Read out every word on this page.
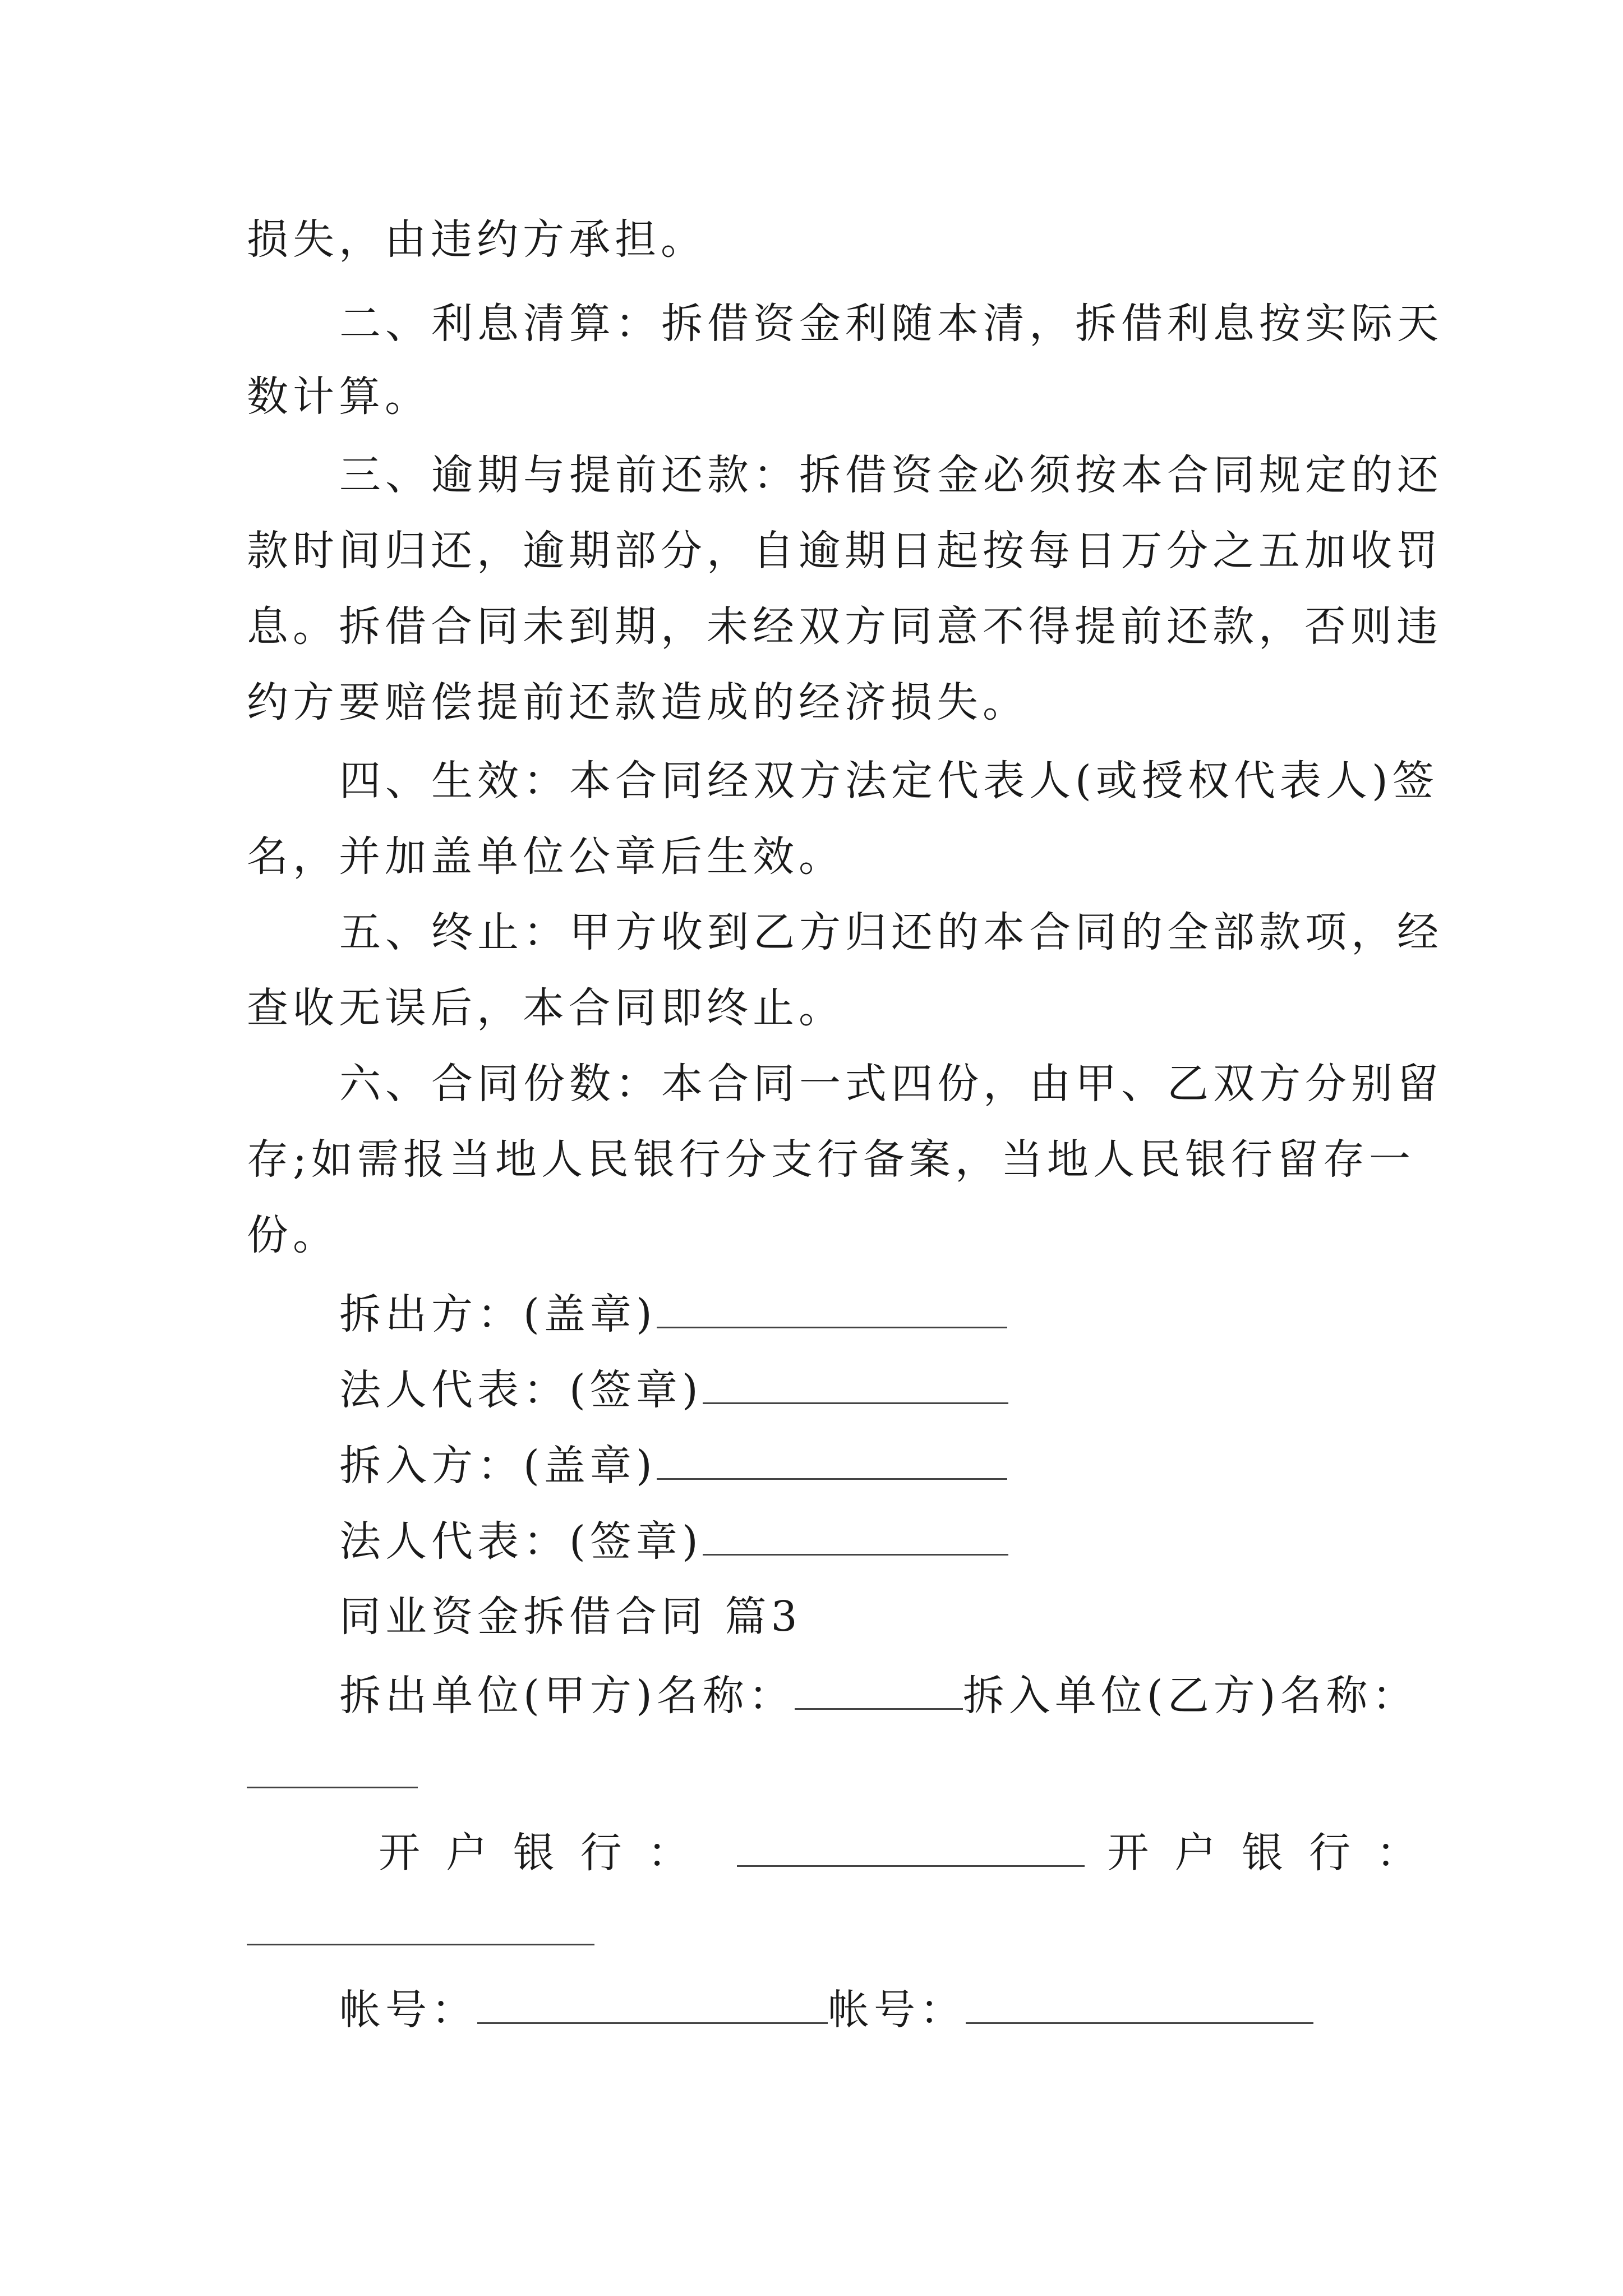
损失，由违约方承担。
二、利息清算：拆借资金利随本清，拆借利息按实际天
数计算。
三、逾期与提前还款：拆借资金必须按本合同规定的还
款时间归还，逾期部分，自逾期日起按每日万分之五加收罚
息。拆借合同未到期，未经双方同意不得提前还款，否则违
约方要赔偿提前还款造成的经济损失。
四、生效：本合同经双方法定代表人(或授权代表人)签
名，并加盖单位公章后生效。
五、终止：甲方收到乙方归还的本合同的全部款项，经
查收无误后，本合同即终止。
六、合同份数：本合同一式四份，由甲、乙双方分别留
存;如需报当地人民银行分支行备案，当地人民银行留存一
份。
拆出方：(盖章)
法人代表：(签章)
拆入方：(盖章)
法人代表：(签章)
同业资金拆借合同 篇3
拆出单位(甲方)名称：	拆入单位(乙方)名称：
开户银行：	开户银行：
帐号：	帐号：
